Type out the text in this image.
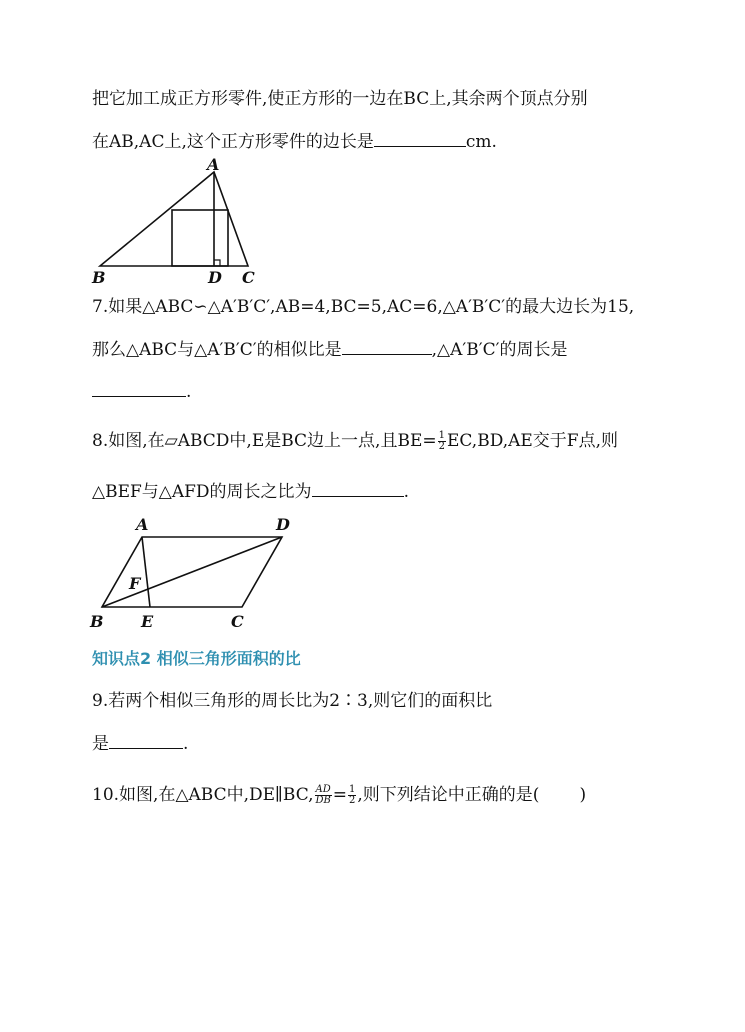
把它加工成正方形零件,使正方形的一边在BC上,其余两个顶点分别
在AB,AC上,这个正方形零件的边长是	cm.
A
B	D C
7.如果△ABC∽△A′B′C′,AB=4,BC=5,AC=6,△A′B′C′的最大边长为15,
那么△ABC与△A′B′C′的相似比是	,△A′B′C′的周长是
.
8.如图,在▱ABCD中,E是BC边上一点,且$BE= \frac{1}{2} EC,BD,AE$交于F点,则
△BEF与△AFD的周长之比为	.
A	D
F
B E	C
知识点2 相似三角形面积的比
9.若两个相似三角形的周长比为2∶3,则它们的面积比
是	.
10.如图,在△ABC中,DE∥BC, $\frac{AD}{DB} = \frac{1}{2}$ ,则下列结论中正确的是( )
